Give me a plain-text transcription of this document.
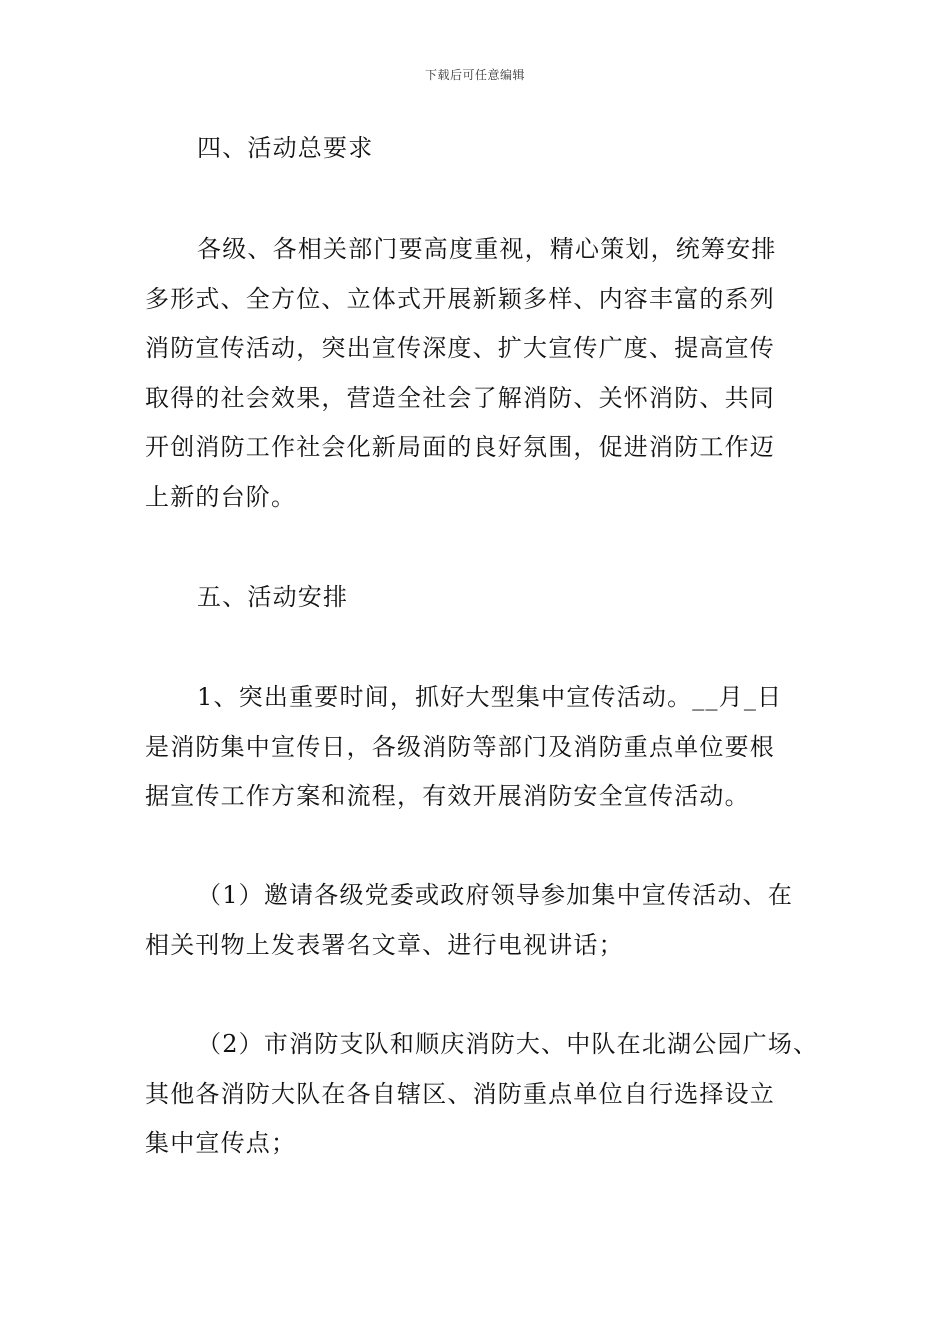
下载后可任意编辑
四、活动总要求
各级、各相关部门要高度重视，精心策划，统筹安排
多形式、全方位、立体式开展新颖多样、内容丰富的系列
消防宣传活动，突出宣传深度、扩大宣传广度、提高宣传
取得的社会效果，营造全社会了解消防、关怀消防、共同
开创消防工作社会化新局面的良好氛围，促进消防工作迈
上新的台阶。
五、活动安排
1、突出重要时间，抓好大型集中宣传活动。__月_日
是消防集中宣传日，各级消防等部门及消防重点单位要根
据宣传工作方案和流程，有效开展消防安全宣传活动。
（1）邀请各级党委或政府领导参加集中宣传活动、在
相关刊物上发表署名文章、进行电视讲话；
（2）市消防支队和顺庆消防大、中队在北湖公园广场、
其他各消防大队在各自辖区、消防重点单位自行选择设立
集中宣传点；
